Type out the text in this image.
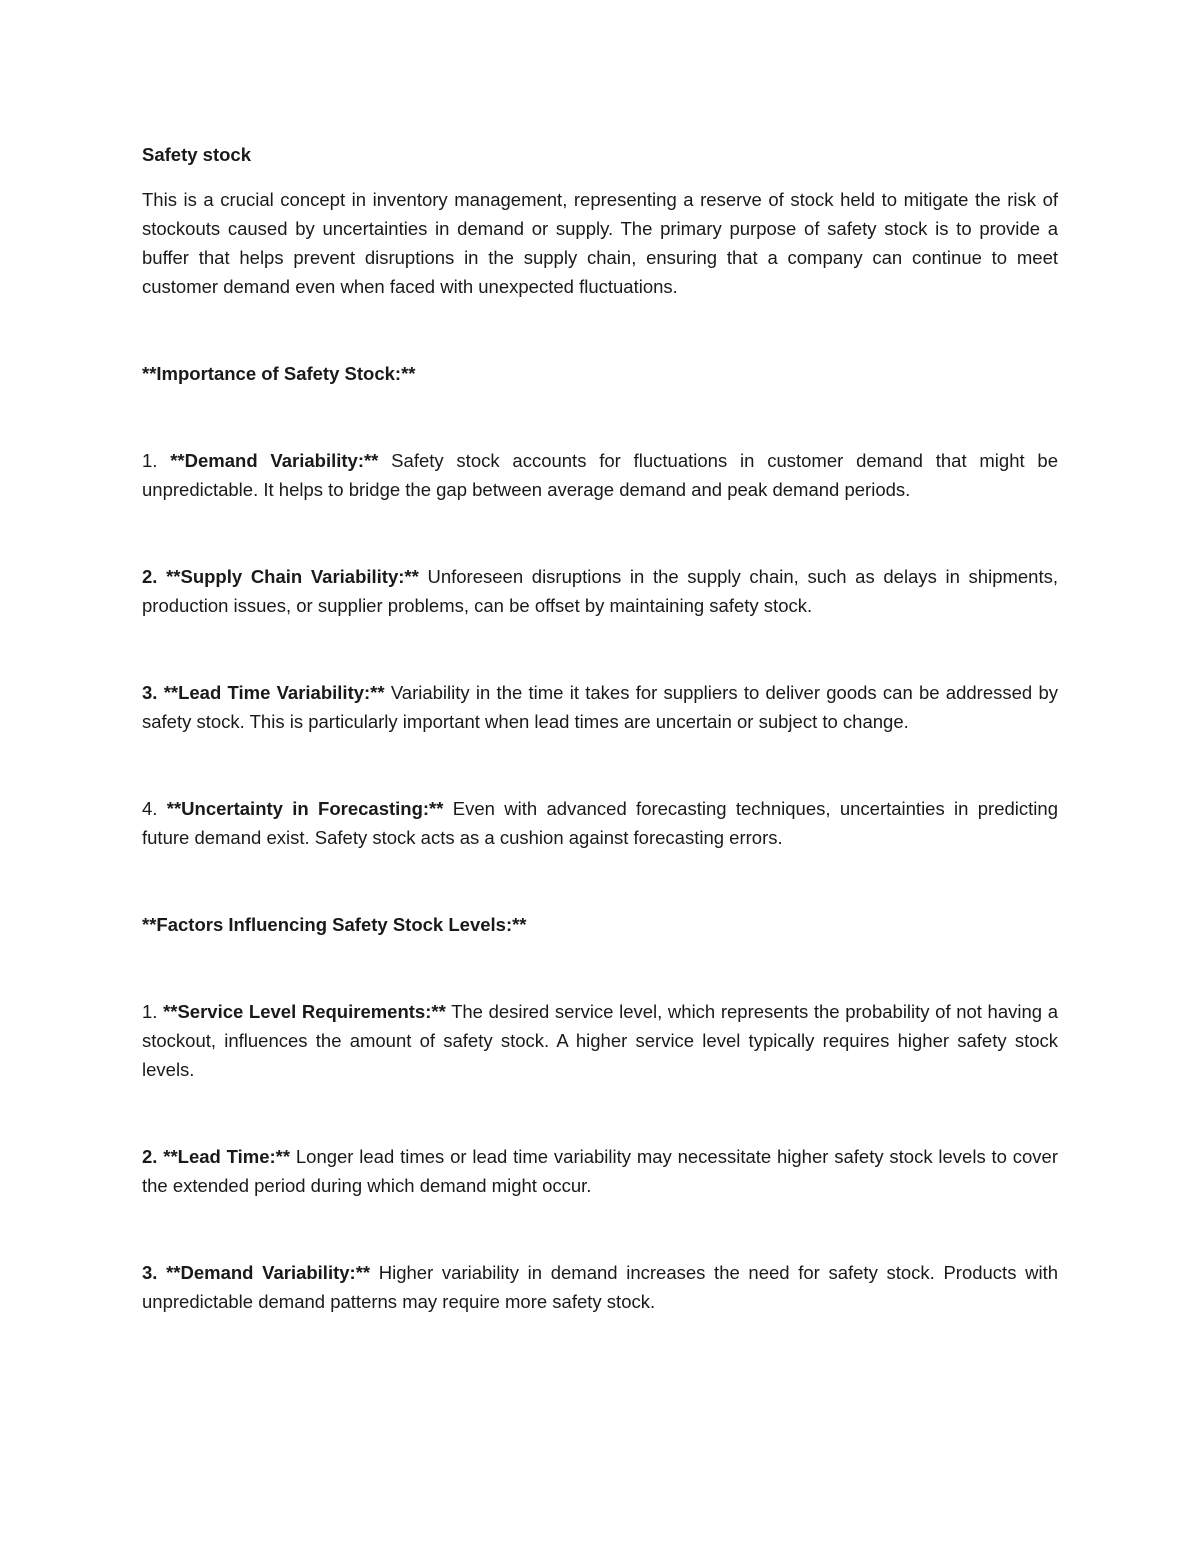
Safety stock

This is a crucial concept in inventory management, representing a reserve of stock held to mitigate the risk of stockouts caused by uncertainties in demand or supply. The primary purpose of safety stock is to provide a buffer that helps prevent disruptions in the supply chain, ensuring that a company can continue to meet customer demand even when faced with unexpected fluctuations.

**Importance of Safety Stock:**

1. **Demand Variability:** Safety stock accounts for fluctuations in customer demand that might be unpredictable. It helps to bridge the gap between average demand and peak demand periods.

2. **Supply Chain Variability:** Unforeseen disruptions in the supply chain, such as delays in shipments, production issues, or supplier problems, can be offset by maintaining safety stock.

3. **Lead Time Variability:** Variability in the time it takes for suppliers to deliver goods can be addressed by safety stock. This is particularly important when lead times are uncertain or subject to change.

4. **Uncertainty in Forecasting:** Even with advanced forecasting techniques, uncertainties in predicting future demand exist. Safety stock acts as a cushion against forecasting errors.

**Factors Influencing Safety Stock Levels:**

1. **Service Level Requirements:** The desired service level, which represents the probability of not having a stockout, influences the amount of safety stock. A higher service level typically requires higher safety stock levels.

2. **Lead Time:** Longer lead times or lead time variability may necessitate higher safety stock levels to cover the extended period during which demand might occur.

3. **Demand Variability:** Higher variability in demand increases the need for safety stock. Products with unpredictable demand patterns may require more safety stock.
